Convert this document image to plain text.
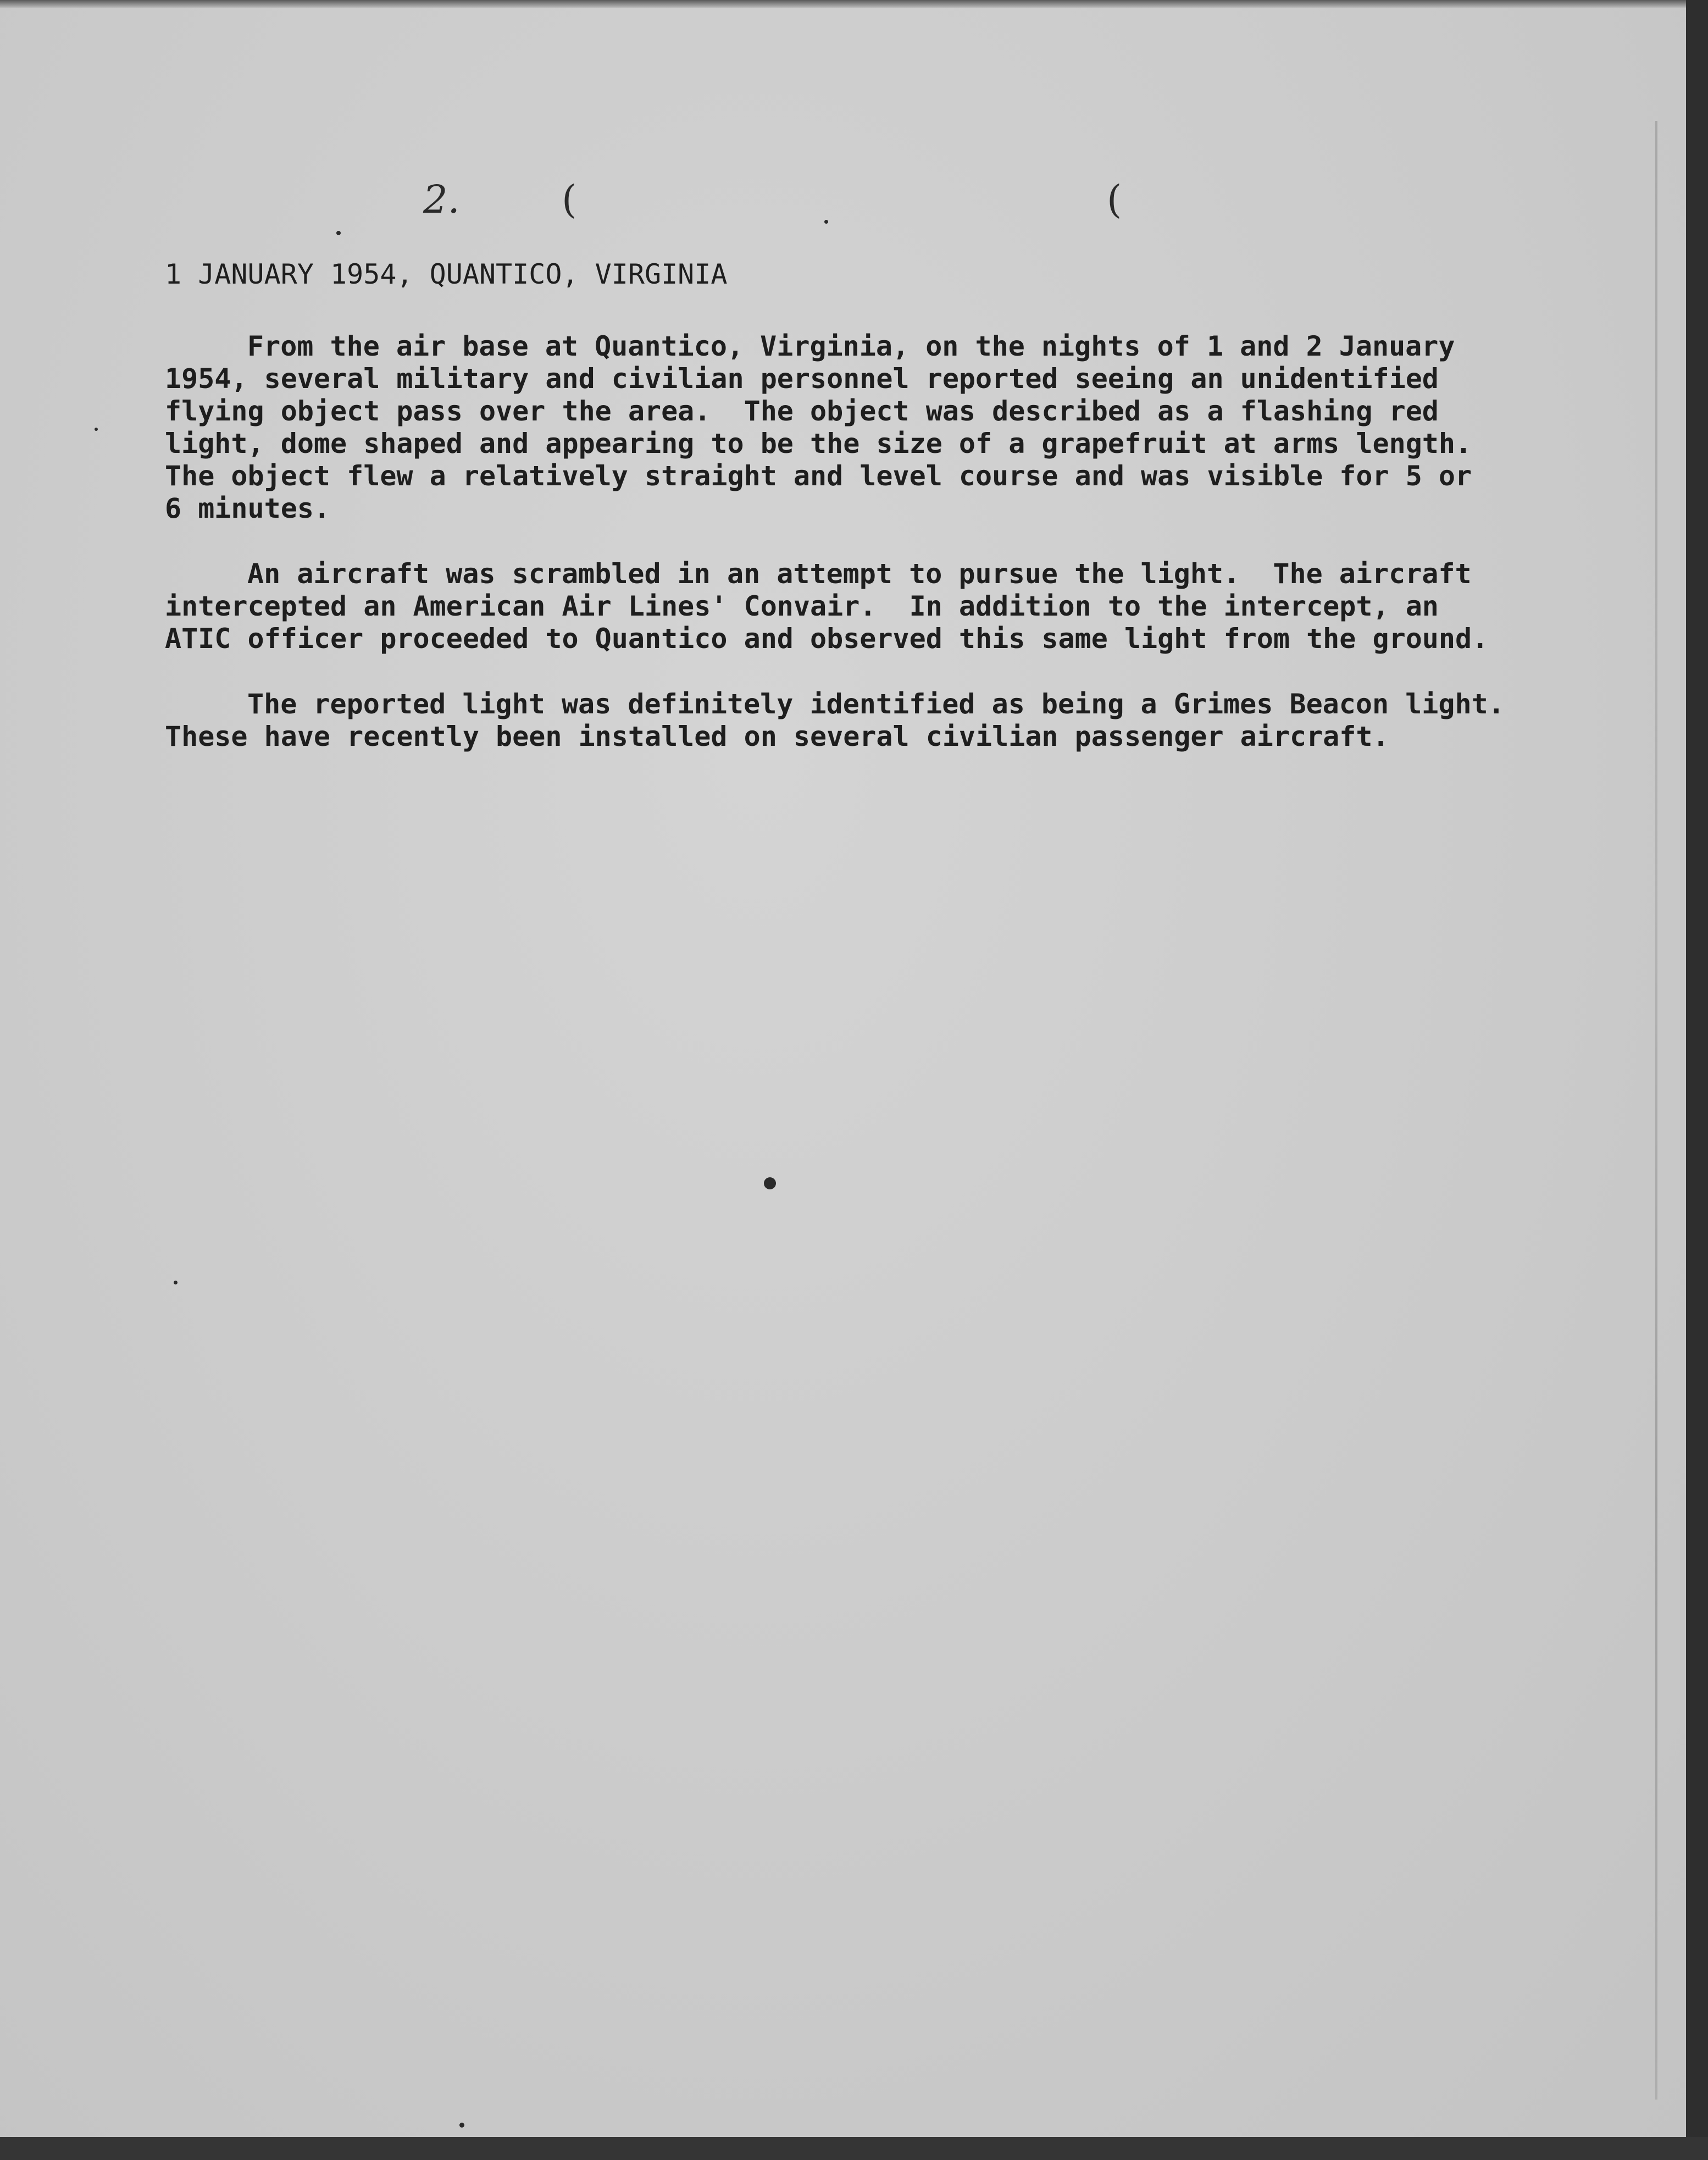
2.	(	(
1 JANUARY 1954, QUANTICO, VIRGINIA
From the air base at Quantico, Virginia, on the nights of 1 and 2 January
1954, several military and civilian personnel reported seeing an unidentified
flying object pass over the area.  The object was described as a flashing red
light, dome shaped and appearing to be the size of a grapefruit at arms length.
The object flew a relatively straight and level course and was visible for 5 or
6 minutes.
An aircraft was scrambled in an attempt to pursue the light.  The aircraft
intercepted an American Air Lines' Convair.  In addition to the intercept, an
ATIC officer proceeded to Quantico and observed this same light from the ground.
The reported light was definitely identified as being a Grimes Beacon light.
These have recently been installed on several civilian passenger aircraft.
